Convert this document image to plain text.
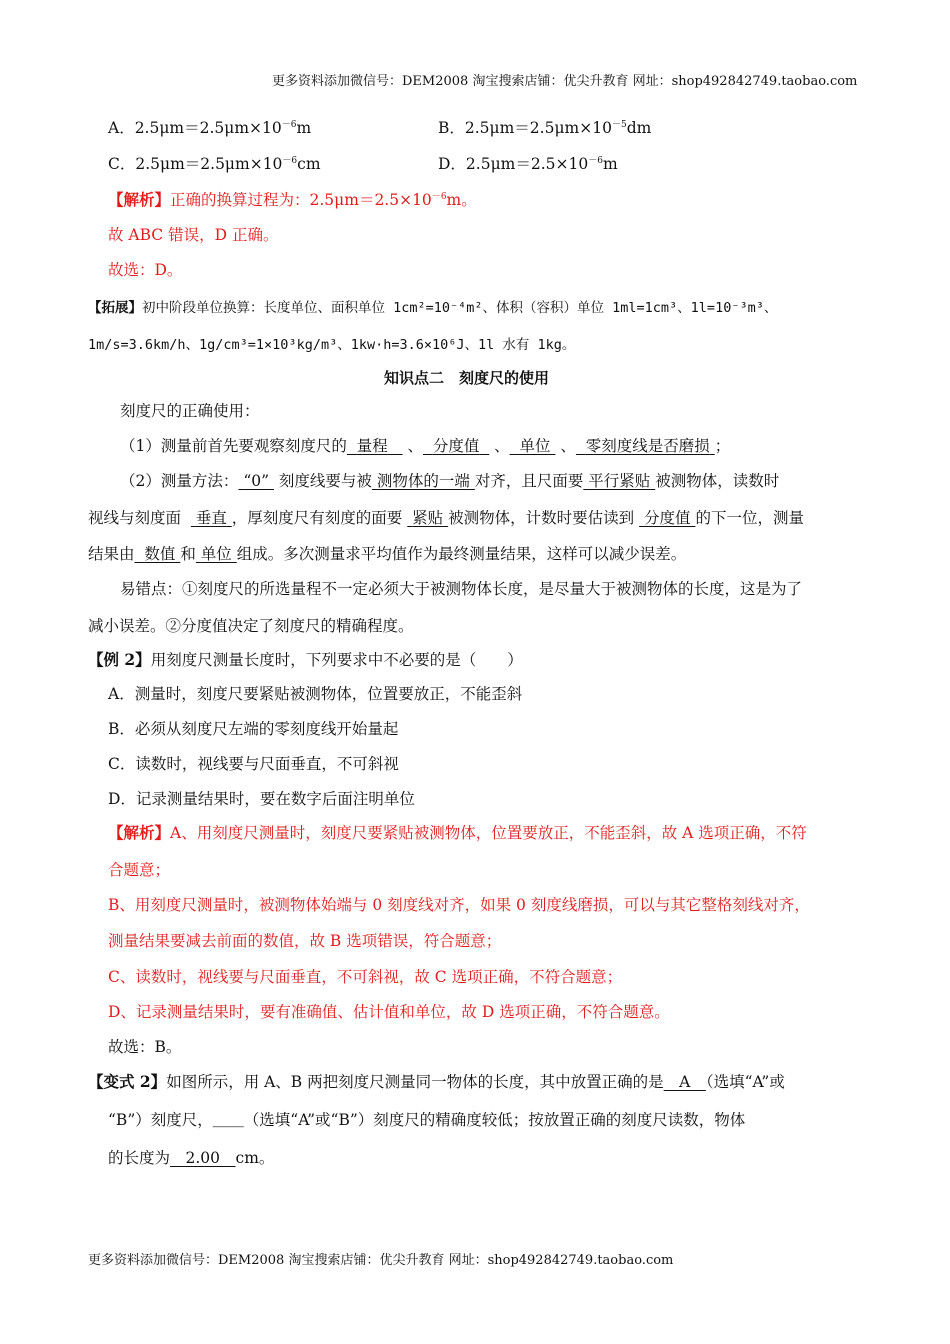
更多资料添加微信号：DEM2008 淘宝搜索店铺：优尖升教育 网址：shop492842749.taobao.com
A．$2.5\mu m=2.5\mu m\times 10^{-6}m$	B．$2.5\mu m=2.5\mu m\times 10^{-5}dm$
C．$2.5\mu m=2.5\mu m\times 10^{-6}cm$	D．$2.5\mu m=2.5\times 10^{-6}m$
【解析】正确的换算过程为：$2.5\mu m=2.5\times 10^{-6}m$。
故 ABC 错误，D 正确。
故选：D。
【拓展】初中阶段单位换算：长度单位、面积单位 1cm²=10⁻⁴m²、体积（容积）单位 1ml=1cm³、1l=10⁻³m³、
1m/s=3.6km/h、1g/cm³=1×10³kg/m³、1kw·h=3.6×10⁶J、1l 水有 1kg。
知识点二　刻度尺的使用
刻度尺的正确使用：
（1）测量前首先要观察刻度尺的 量程 、 分度值 、 单位 、 零刻度线是否磨损 ；
（2）测量方法： “0” 刻度线要与被 测物体的一端 对齐，且尺面要 平行紧贴 被测物体，读数时
视线与刻度面 垂直 ，厚刻度尺有刻度的面要 紧贴 被测物体，计数时要估读到 分度值 的下一位，测量
结果由 数值 和 单位 组成。多次测量求平均值作为最终测量结果，这样可以减少误差。
易错点：①刻度尺的所选量程不一定必须大于被测物体长度，是尽量大于被测物体的长度，这是为了
减小误差。②分度值决定了刻度尺的精确程度。
【例 2】用刻度尺测量长度时，下列要求中不必要的是（　　）
A．测量时，刻度尺要紧贴被测物体，位置要放正，不能歪斜
B．必须从刻度尺左端的零刻度线开始量起
C．读数时，视线要与尺面垂直，不可斜视
D．记录测量结果时，要在数字后面注明单位
【解析】A、用刻度尺测量时，刻度尺要紧贴被测物体，位置要放正，不能歪斜，故 A 选项正确，不符
合题意；
B、用刻度尺测量时，被测物体始端与 0 刻度线对齐，如果 0 刻度线磨损，可以与其它整格刻线对齐，
测量结果要减去前面的数值，故 B 选项错误，符合题意；
C、读数时，视线要与尺面垂直，不可斜视，故 C 选项正确，不符合题意；
D、记录测量结果时，要有准确值、估计值和单位，故 D 选项正确，不符合题意。
故选：B。
【变式 2】如图所示，用 A、B 两把刻度尺测量同一物体的长度，其中放置正确的是　A　（选填“A”或
“B”）刻度尺，＿＿（选填“A”或“B”）刻度尺的精确度较低；按放置正确的刻度尺读数，物体
的长度为　2.00　cm。
更多资料添加微信号：DEM2008 淘宝搜索店铺：优尖升教育 网址：shop492842749.taobao.com
